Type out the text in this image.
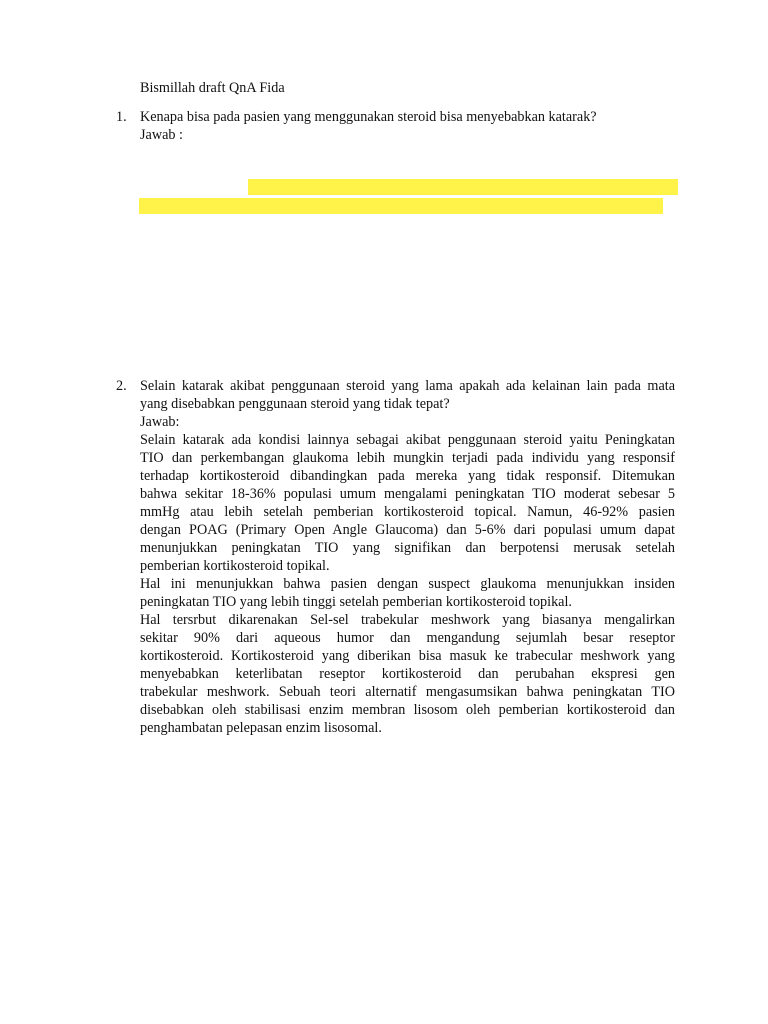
Bismillah draft QnA Fida
1. Kenapa bisa pada pasien yang menggunakan steroid bisa menyebabkan katarak?
Jawab :
2. Selain katarak akibat penggunaan steroid yang lama apakah ada kelainan lain pada mata
yang disebabkan penggunaan steroid yang tidak tepat?
Jawab:
Selain katarak ada kondisi lainnya sebagai akibat penggunaan steroid yaitu Peningkatan
TIO dan perkembangan glaukoma lebih mungkin terjadi pada individu yang responsif
terhadap kortikosteroid dibandingkan pada mereka yang tidak responsif. Ditemukan
bahwa sekitar 18-36% populasi umum mengalami peningkatan TIO moderat sebesar 5
mmHg atau lebih setelah pemberian kortikosteroid topical. Namun, 46-92% pasien
dengan POAG (Primary Open Angle Glaucoma) dan 5-6% dari populasi umum dapat
menunjukkan peningkatan TIO yang signifikan dan berpotensi merusak setelah
pemberian kortikosteroid topikal.
Hal ini menunjukkan bahwa pasien dengan suspect glaukoma menunjukkan insiden
peningkatan TIO yang lebih tinggi setelah pemberian kortikosteroid topikal.
Hal tersrbut dikarenakan Sel-sel trabekular meshwork yang biasanya mengalirkan
sekitar 90% dari aqueous humor dan mengandung sejumlah besar reseptor
kortikosteroid. Kortikosteroid yang diberikan bisa masuk ke trabecular meshwork yang
menyebabkan keterlibatan reseptor kortikosteroid dan perubahan ekspresi gen
trabekular meshwork. Sebuah teori alternatif mengasumsikan bahwa peningkatan TIO
disebabkan oleh stabilisasi enzim membran lisosom oleh pemberian kortikosteroid dan
penghambatan pelepasan enzim lisosomal.
